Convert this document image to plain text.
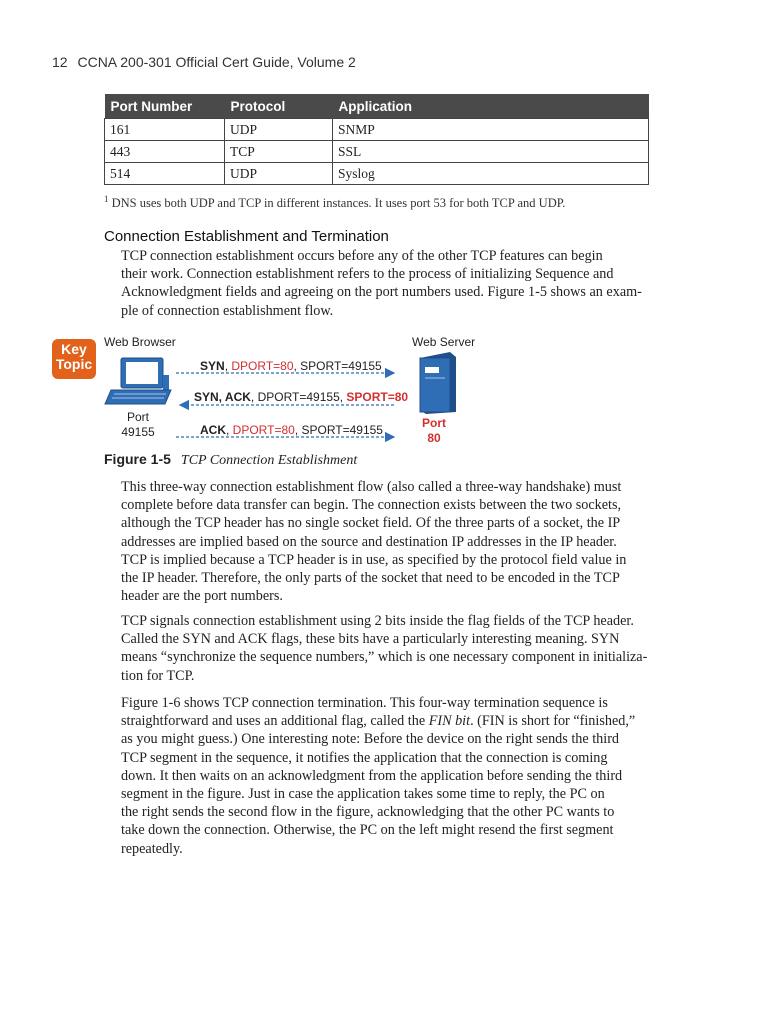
12 CCNA 200-301 Official Cert Guide, Volume 2
Port Number	Protocol	Application
161	UDP	SNMP
443	TCP	SSL
514	UDP	Syslog
$^1$ DNS uses both UDP and TCP in different instances. It uses port 53 for both TCP and UDP.
Connection Establishment and Termination

TCP connection establishment occurs before any of the other TCP features can begin
their work. Connection establishment refers to the process of initializing Sequence and
Acknowledgment fields and agreeing on the port numbers used. Figure 1-5 shows an exam-
ple of connection establishment flow.

Key
Topic
Web Browser
Port
49155
Web Server
Port
80
SYN, DPORT=80, SPORT=49155
SYN, ACK, DPORT=49155, SPORT=80
ACK, DPORT=80, SPORT=49155
Figure 1-5 TCP Connection Establishment

This three-way connection establishment flow (also called a three-way handshake) must
complete before data transfer can begin. The connection exists between the two sockets,
although the TCP header has no single socket field. Of the three parts of a socket, the IP
addresses are implied based on the source and destination IP addresses in the IP header.
TCP is implied because a TCP header is in use, as specified by the protocol field value in
the IP header. Therefore, the only parts of the socket that need to be encoded in the TCP
header are the port numbers.

TCP signals connection establishment using 2 bits inside the flag fields of the TCP header.
Called the SYN and ACK flags, these bits have a particularly interesting meaning. SYN
means “synchronize the sequence numbers,” which is one necessary component in initializa-
tion for TCP.

Figure 1-6 shows TCP connection termination. This four-way termination sequence is
straightforward and uses an additional flag, called the FIN bit. (FIN is short for “finished,”
as you might guess.) One interesting note: Before the device on the right sends the third
TCP segment in the sequence, it notifies the application that the connection is coming
down. It then waits on an acknowledgment from the application before sending the third
segment in the figure. Just in case the application takes some time to reply, the PC on
the right sends the second flow in the figure, acknowledging that the other PC wants to
take down the connection. Otherwise, the PC on the left might resend the first segment
repeatedly.
